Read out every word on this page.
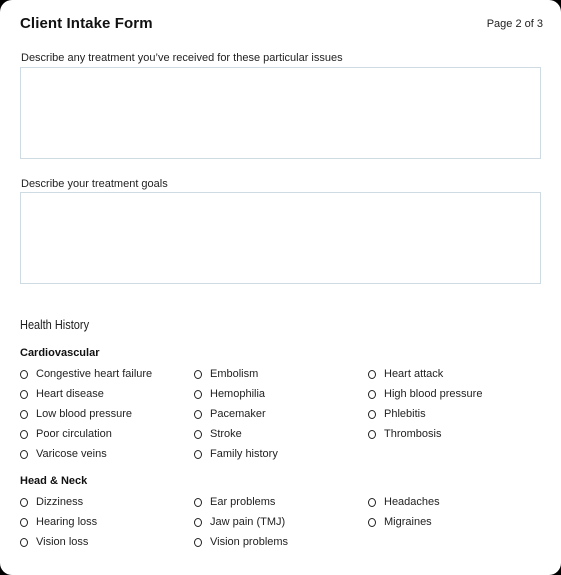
Client Intake Form	Page 2 of 3
Describe any treatment you’ve received for these particular issues
Describe your treatment goals
Health History
Cardiovascular
Congestive heart failure
Heart disease
Low blood pressure
Poor circulation
Varicose veins
Embolism
Hemophilia
Pacemaker
Stroke
Family history
Heart attack
High blood pressure
Phlebitis
Thrombosis
Head & Neck
Dizziness
Hearing loss
Vision loss
Ear problems
Jaw pain (TMJ)
Vision problems
Headaches
Migraines
